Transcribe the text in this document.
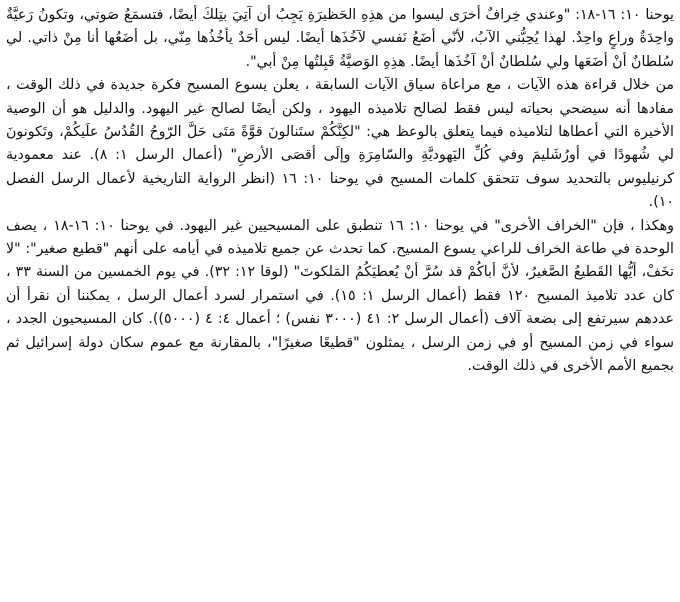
يوحنا ١٠: ١٦-١٨: "وعندي خِرافٌ أخرَى ليسوا من هذِهِ الحَظيرَةِ يَجِبُ أن آتِيَ بتِلكَ أيضًا، فتسمَعُ صَوتي، وتكونُ رَعيَّةٌ واحِدَةٌ وراعٍ واحِدٌ. لهذا يُحِبُّني الآبُ، لأنّي أضَعُ نَفسي لآخُذَها أيضًا. ليس أحَدٌ يأخُذُها مِنّي، بل أضَعُها أنا مِنْ ذاتي. لي سُلطانٌ أنْ أضَعَها ولي سُلطانٌ أنْ آخُذَها أيضًا. هذِهِ الوَصيَّةُ قَبِلتُها مِنْ أبي".

من خلال قراءة هذه الآيات ، مع مراعاة سياق الآيات السابقة ، يعلن يسوع المسيح فكرة جديدة في ذلك الوقت ، مفادها أنه سيضحي بحياته ليس فقط لصالح تلاميذه اليهود ، ولكن أيضًا لصالح غير اليهود. والدليل هو أن الوصية الأخيرة التي أعطاها لتلاميذه فيما يتعلق بالوعظ هي: "لكِنَّكُمْ ستَنالونَ قوَّةً مَتَى حَلَّ الرّوحُ القُدُسُ علَيكُمْ، وتَكونونَ لي شُهودًا في أورُشَليمَ وفي كُلِّ اليَهوديَّةِ والسّامِرَةِ وإلَى أقصَى الأرضِ" (أعمال الرسل ١: ٨). عند معمودية كرنيليوس بالتحديد سوف تتحقق كلمات المسيح في يوحنا ١٠: ١٦ (انظر الرواية التاريخية لأعمال الرسل الفصل ١٠).

وهكذا ، فإن "الخراف الأخرى" في يوحنا ١٠: ١٦ تنطبق على المسيحيين غير اليهود. في يوحنا ١٠: ١٦-١٨ ، يصف الوحدة في طاعة الخراف للراعي يسوع المسيح. كما تحدث عن جميع تلاميذه في أيامه على أنهم "قطيع صغير": "لا تخَفْ، أيُّها القَطيعُ الصَّغيرُ، لأنَّ أباكُمْ قد سُرَّ أنْ يُعطيَكُمُ المَلكوتَ" (لوقا ١٢: ٣٢). في يوم الخمسين من السنة ٣٣ ، كان عدد تلاميذ المسيح ١٢٠ فقط (أعمال الرسل ١: ١٥). في استمرار لسرد أعمال الرسل ، يمكننا أن نقرأ أن عددهم سيرتفع إلى بضعة آلاف (أعمال الرسل ٢: ٤١ (٣٠٠٠ نفس) ؛ أعمال ٤: ٤ (٥٠٠٠)). كان المسيحيون الجدد ، سواء في زمن المسيح أو في زمن الرسل ، يمثلون "قطيعًا صغيرًا"، بالمقارنة مع عموم سكان دولة إسرائيل ثم بجميع الأمم الأخرى في ذلك الوقت.
